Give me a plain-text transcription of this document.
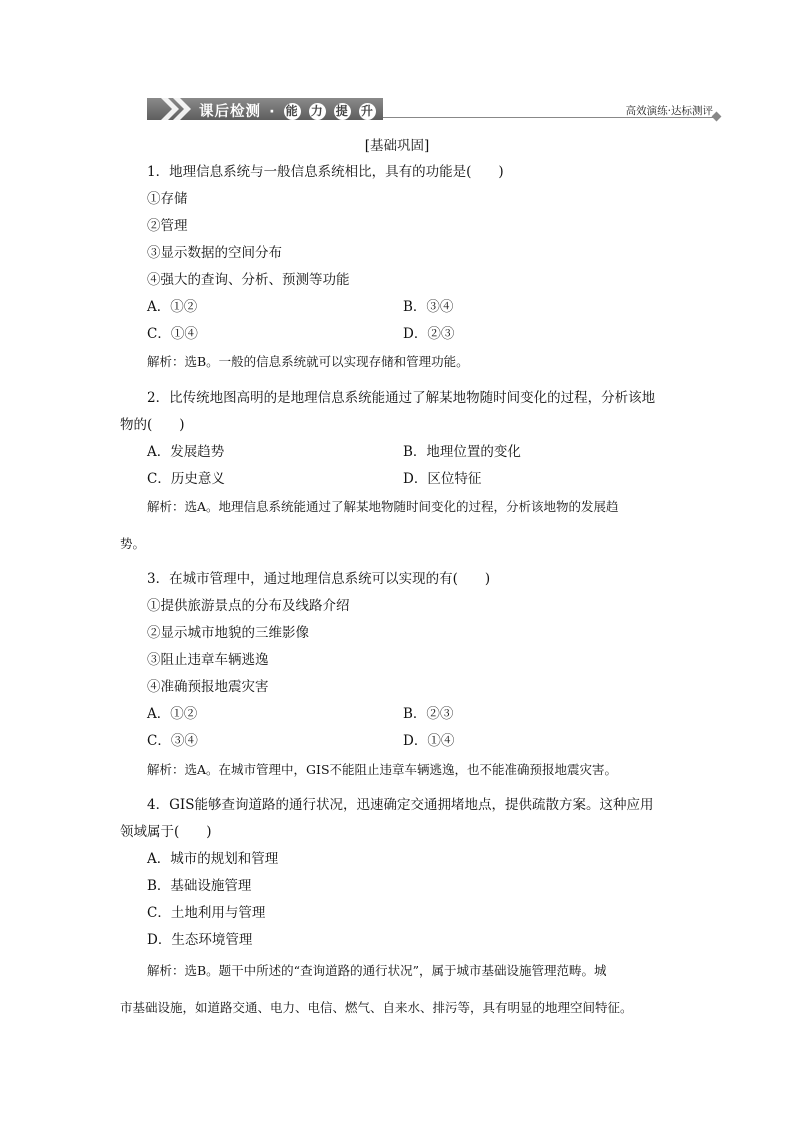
课后检测 · 能 力 提 升	高效演练·达标测评
[基础巩固]
1．地理信息系统与一般信息系统相比，具有的功能是(　　)
①存储
②管理
③显示数据的空间分布
④强大的查询、分析、预测等功能
A．①②	B．③④
C．①④	D．②③
解析：选B。一般的信息系统就可以实现存储和管理功能。
2．比传统地图高明的是地理信息系统能通过了解某地物随时间变化的过程，分析该地
物的(　　)
A．发展趋势	B．地理位置的变化
C．历史意义	D．区位特征
解析：选A。地理信息系统能通过了解某地物随时间变化的过程，分析该地物的发展趋
势。
3．在城市管理中，通过地理信息系统可以实现的有(　　)
①提供旅游景点的分布及线路介绍
②显示城市地貌的三维影像
③阻止违章车辆逃逸
④准确预报地震灾害
A．①②	B．②③
C．③④	D．①④
解析：选A。在城市管理中，GIS不能阻止违章车辆逃逸，也不能准确预报地震灾害。
4．GIS能够查询道路的通行状况，迅速确定交通拥堵地点，提供疏散方案。这种应用
领域属于(　　)
A．城市的规划和管理
B．基础设施管理
C．土地利用与管理
D．生态环境管理
解析：选B。题干中所述的“查询道路的通行状况”，属于城市基础设施管理范畴。城
市基础设施，如道路交通、电力、电信、燃气、自来水、排污等，具有明显的地理空间特征。
